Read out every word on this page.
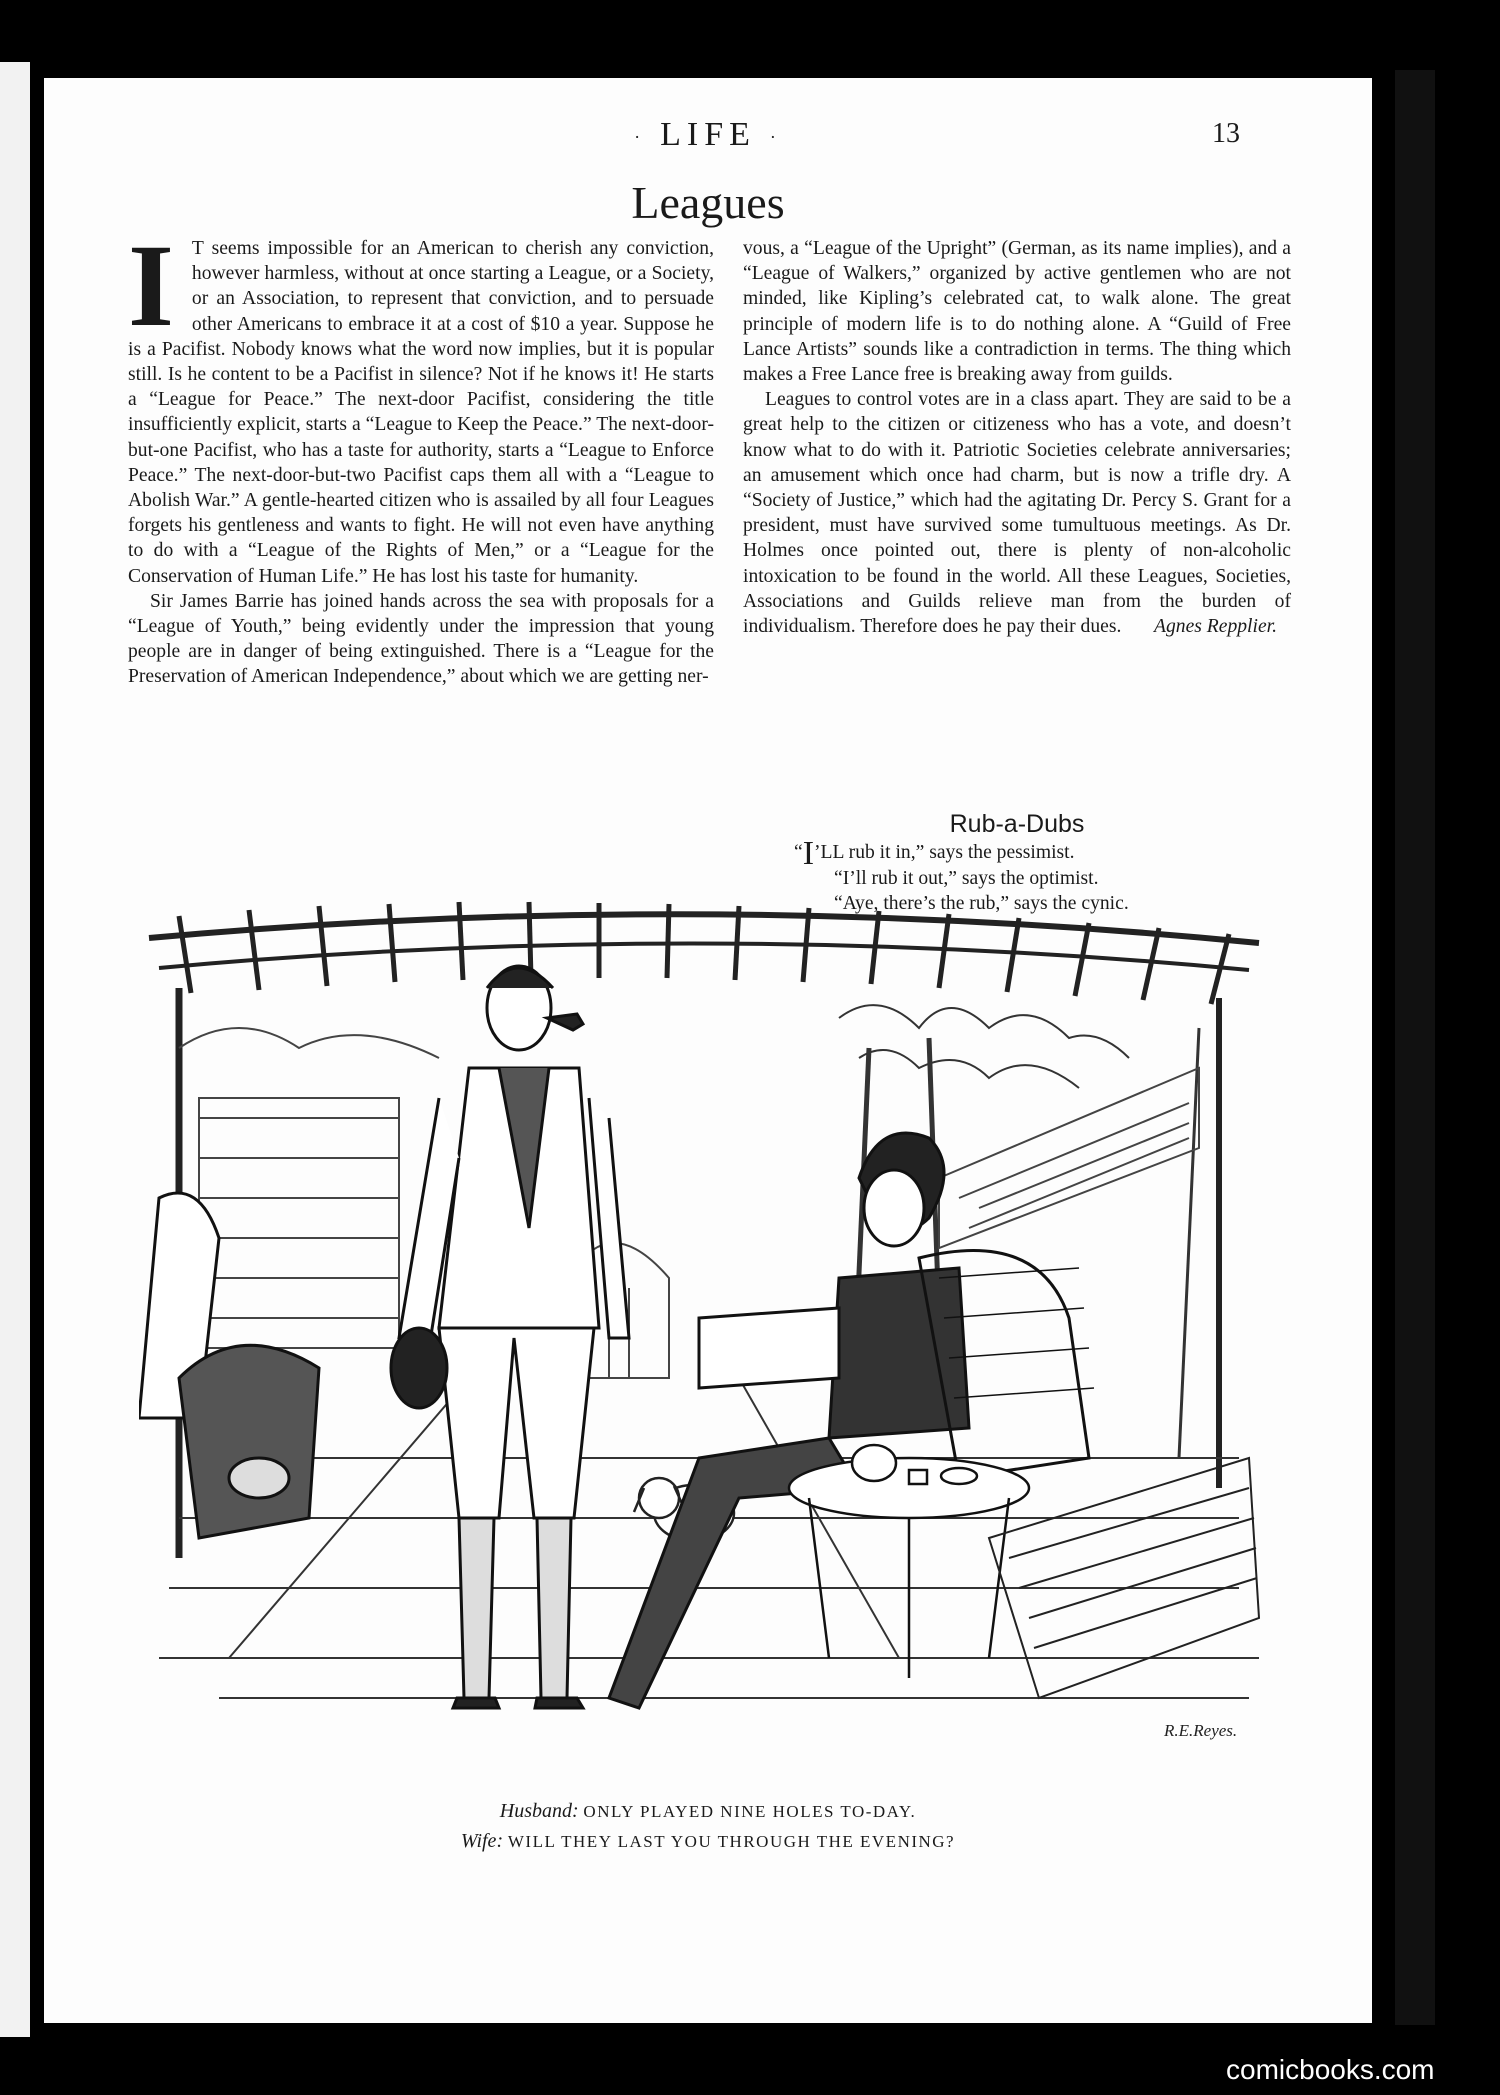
· LIFE ·	13
Leagues

I T seems impossible for an American to cherish any conviction, however harmless, without at once starting a League, or a Society, or an Association, to represent that conviction, and to persuade other Americans to embrace it at a cost of $10 a year. Suppose he is a Pacifist. Nobody knows what the word now implies, but it is popular still. Is he content to be a Pacifist in silence? Not if he knows it! He starts a “League for Peace.” The next-door Pacifist, considering the title insufficiently explicit, starts a “League to Keep the Peace.” The next-door-but-one Pacifist, who has a taste for authority, starts a “League to Enforce Peace.” The next-door-but-two Pacifist caps them all with a “League to Abolish War.” A gentle-hearted citizen who is assailed by all four Leagues forgets his gentleness and wants to fight. He will not even have anything to do with a “League of the Rights of Men,” or a “League for the Conservation of Human Life.” He has lost his taste for humanity.

Sir James Barrie has joined hands across the sea with proposals for a “League of Youth,” being evidently under the impression that young people are in danger of being extinguished. There is a “League for the Preservation of American Independence,” about which we are getting ner-

vous, a “League of the Upright” (German, as its name implies), and a “League of Walkers,” organized by active gentlemen who are not minded, like Kipling’s celebrated cat, to walk alone. The great principle of modern life is to do nothing alone. A “Guild of Free Lance Artists” sounds like a contradiction in terms. The thing which makes a Free Lance free is breaking away from guilds.

Leagues to control votes are in a class apart. They are said to be a great help to the citizen or citizeness who has a vote, and doesn’t know what to do with it. Patriotic Societies celebrate anniversaries; an amusement which once had charm, but is now a trifle dry. A “Society of Justice,” which had the agitating Dr. Percy S. Grant for a president, must have survived some tumultuous meetings. As Dr. Holmes once pointed out, there is plenty of non-alcoholic intoxication to be found in the world. All these Leagues, Societies, Associations and Guilds relieve man from the burden of individualism. Therefore does he pay their dues.	Agnes Repplier.
Rub-a-Dubs
“I’LL rub it in,” says the pessimist.
“I’ll rub it out,” says the optimist.
“Aye, there’s the rub,” says the cynic.
R.E.Reyes.
Husband: ONLY PLAYED NINE HOLES TO-DAY.
Wife: WILL THEY LAST YOU THROUGH THE EVENING?
comicbooks.com
